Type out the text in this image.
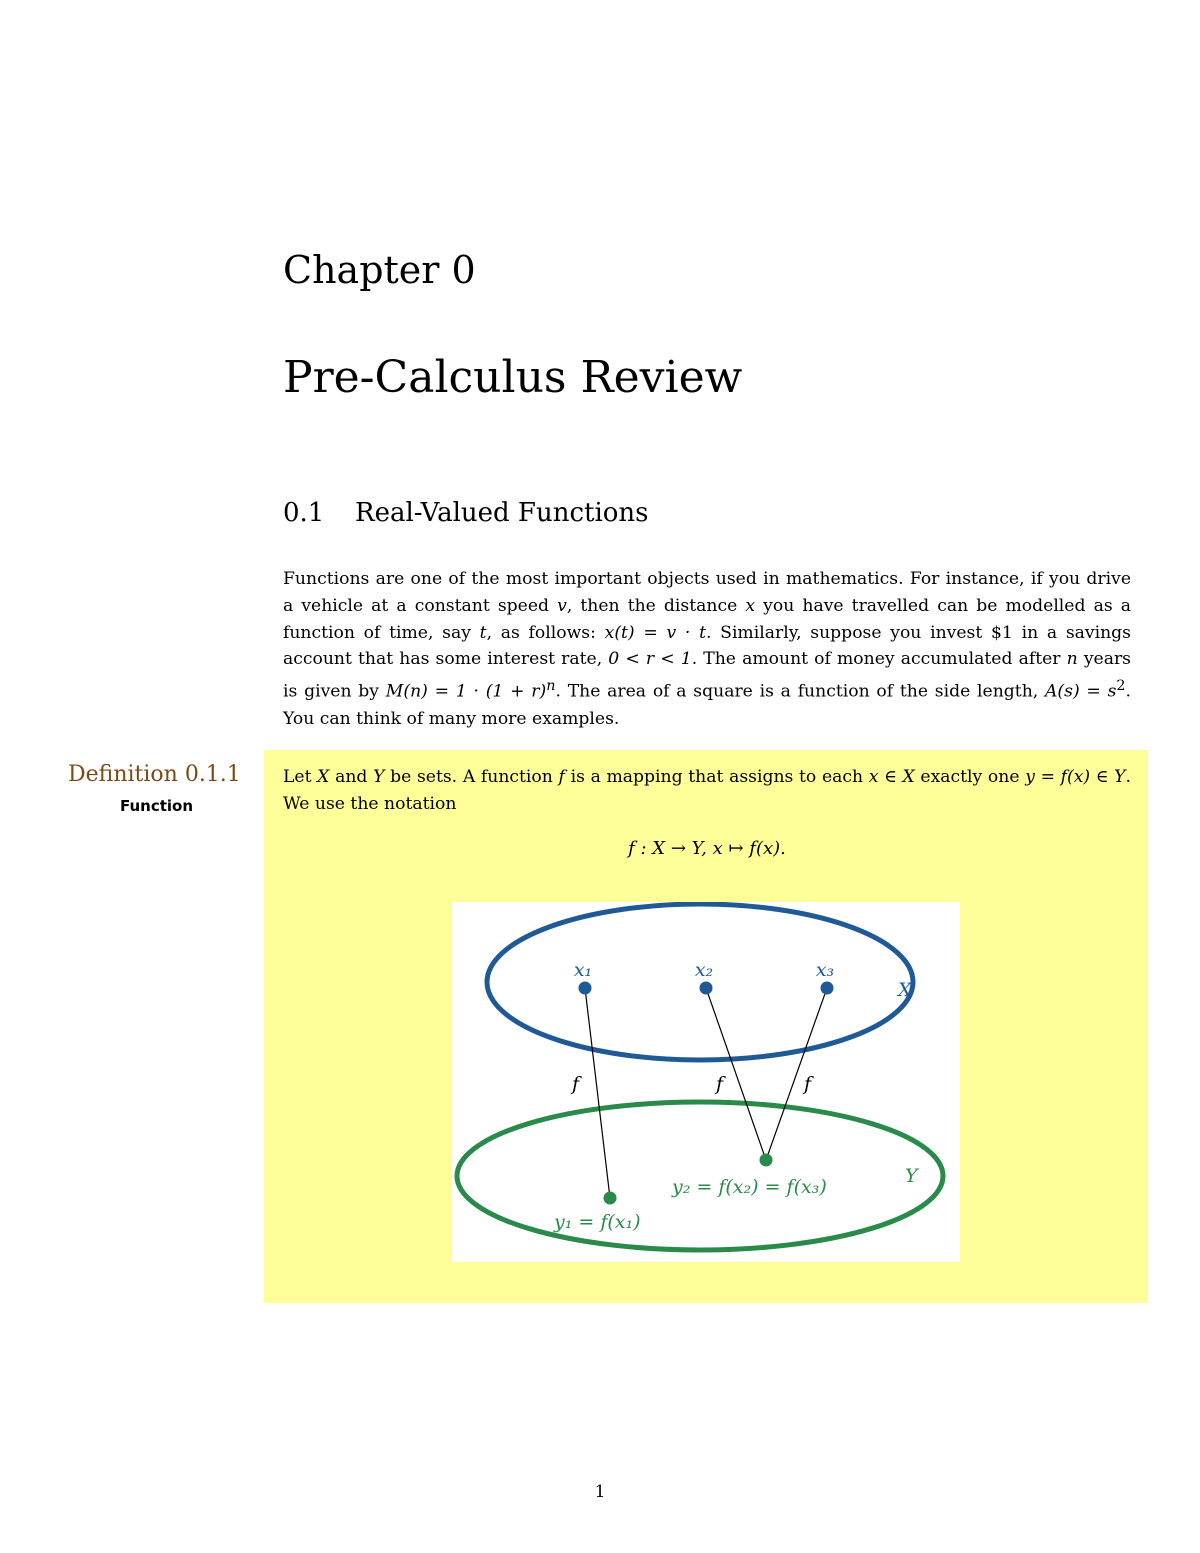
Chapter 0
Pre-Calculus Review
0.1 Real-Valued Functions
Functions are one of the most important objects used in mathematics. For instance, if you drive a vehicle at a constant speed v, then the distance x you have travelled can be modelled as a function of time, say t, as follows: x(t) = v · t. Similarly, suppose you invest $1 in a savings account that has some interest rate, 0 < r < 1. The amount of money accumulated after n years is given by $M(n) = 1 \cdot (1 + r)^n$. The area of a square is a function of the side length, $A(s) = s^2$. You can think of many more examples.
Definition 0.1.1
Function
Let X and Y be sets. A function f is a mapping that assigns to each x ∈ X exactly one y = f(x) ∈ Y. We use the notation
f : X → Y, x ↦ f(x).
x₁	x₂	x₃
X
f	f	f
Y
y₁ = f(x₁)
y₂ = f(x₂) = f(x₃)
1
